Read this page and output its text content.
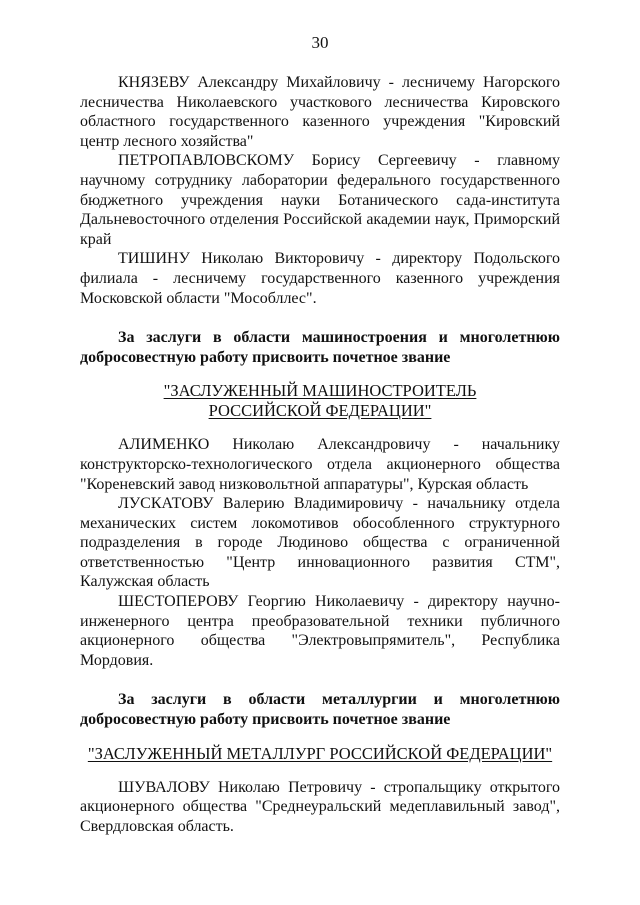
30

КНЯЗЕВУ Александру Михайловичу - лесничему Нагорского лесничества Николаевского участкового лесничества Кировского областного государственного казенного учреждения "Кировский центр лесного хозяйства"

ПЕТРОПАВЛОВСКОМУ Борису Сергеевичу - главному научному сотруднику лаборатории федерального государственного бюджетного учреждения науки Ботанического сада-института Дальневосточного отделения Российской академии наук, Приморский край

ТИШИНУ Николаю Викторовичу - директору Подольского филиала - лесничему государственного казенного учреждения Московской области "Мособллес".

За заслуги в области машиностроения и многолетнюю добросовестную работу присвоить почетное звание

"ЗАСЛУЖЕННЫЙ МАШИНОСТРОИТЕЛЬ

РОССИЙСКОЙ ФЕДЕРАЦИИ"

АЛИМЕНКО Николаю Александровичу - начальнику конструкторско-технологического отдела акционерного общества "Кореневский завод низковольтной аппаратуры", Курская область

ЛУСКАТОВУ Валерию Владимировичу - начальнику отдела механических систем локомотивов обособленного структурного подразделения в городе Людиново общества с ограниченной ответственностью "Центр инновационного развития СТМ", Калужская область

ШЕСТОПЕРОВУ Георгию Николаевичу - директору научно-инженерного центра преобразовательной техники публичного акционерного общества "Электровыпрямитель", Республика Мордовия.

За заслуги в области металлургии и многолетнюю добросовестную работу присвоить почетное звание

"ЗАСЛУЖЕННЫЙ МЕТАЛЛУРГ РОССИЙСКОЙ ФЕДЕРАЦИИ"

ШУВАЛОВУ Николаю Петровичу - стропальщику открытого акционерного общества "Среднеуральский медеплавильный завод", Свердловская область.
